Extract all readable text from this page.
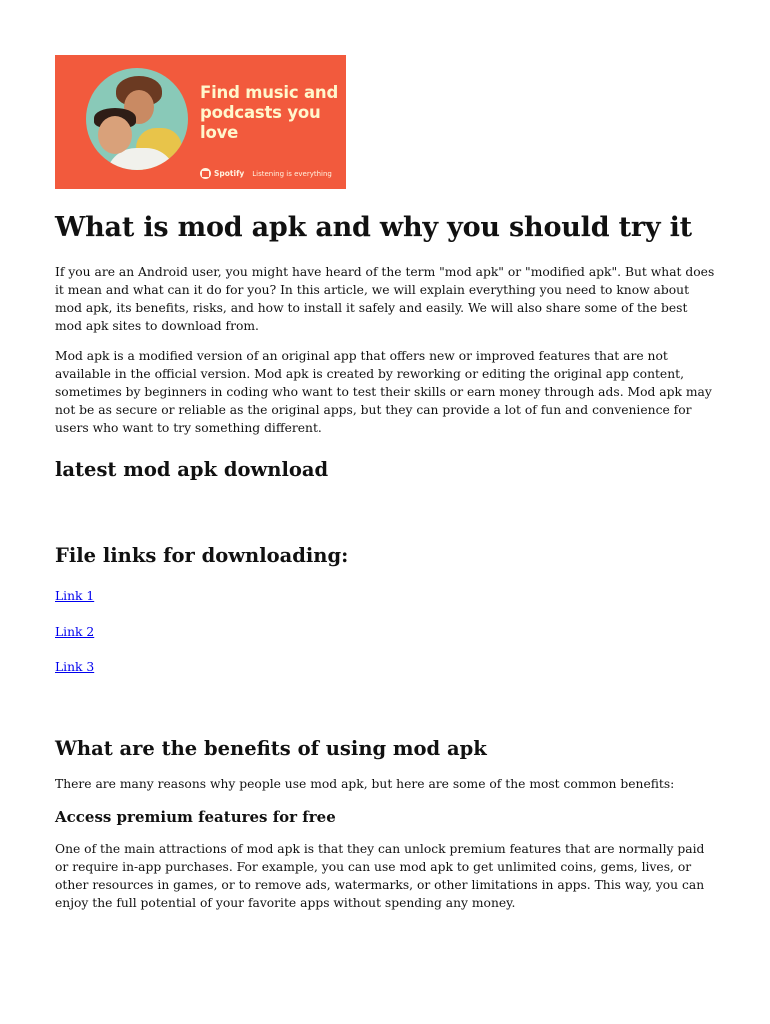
Find music and podcasts you love
Spotify Listening is everything
What is mod apk and why you should try it

If you are an Android user, you might have heard of the term "mod apk" or "modified apk". But what does it mean and what can it do for you? In this article, we will explain everything you need to know about mod apk, its benefits, risks, and how to install it safely and easily. We will also share some of the best mod apk sites to download from.

Mod apk is a modified version of an original app that offers new or improved features that are not available in the official version. Mod apk is created by reworking or editing the original app content, sometimes by beginners in coding who want to test their skills or earn money through ads. Mod apk may not be as secure or reliable as the original apps, but they can provide a lot of fun and convenience for users who want to try something different.

latest mod apk download
File links for downloading:
Link 1
Link 2
Link 3
What are the benefits of using mod apk

There are many reasons why people use mod apk, but here are some of the most common benefits:

Access premium features for free

One of the main attractions of mod apk is that they can unlock premium features that are normally paid or require in-app purchases. For example, you can use mod apk to get unlimited coins, gems, lives, or other resources in games, or to remove ads, watermarks, or other limitations in apps. This way, you can enjoy the full potential of your favorite apps without spending any money.
